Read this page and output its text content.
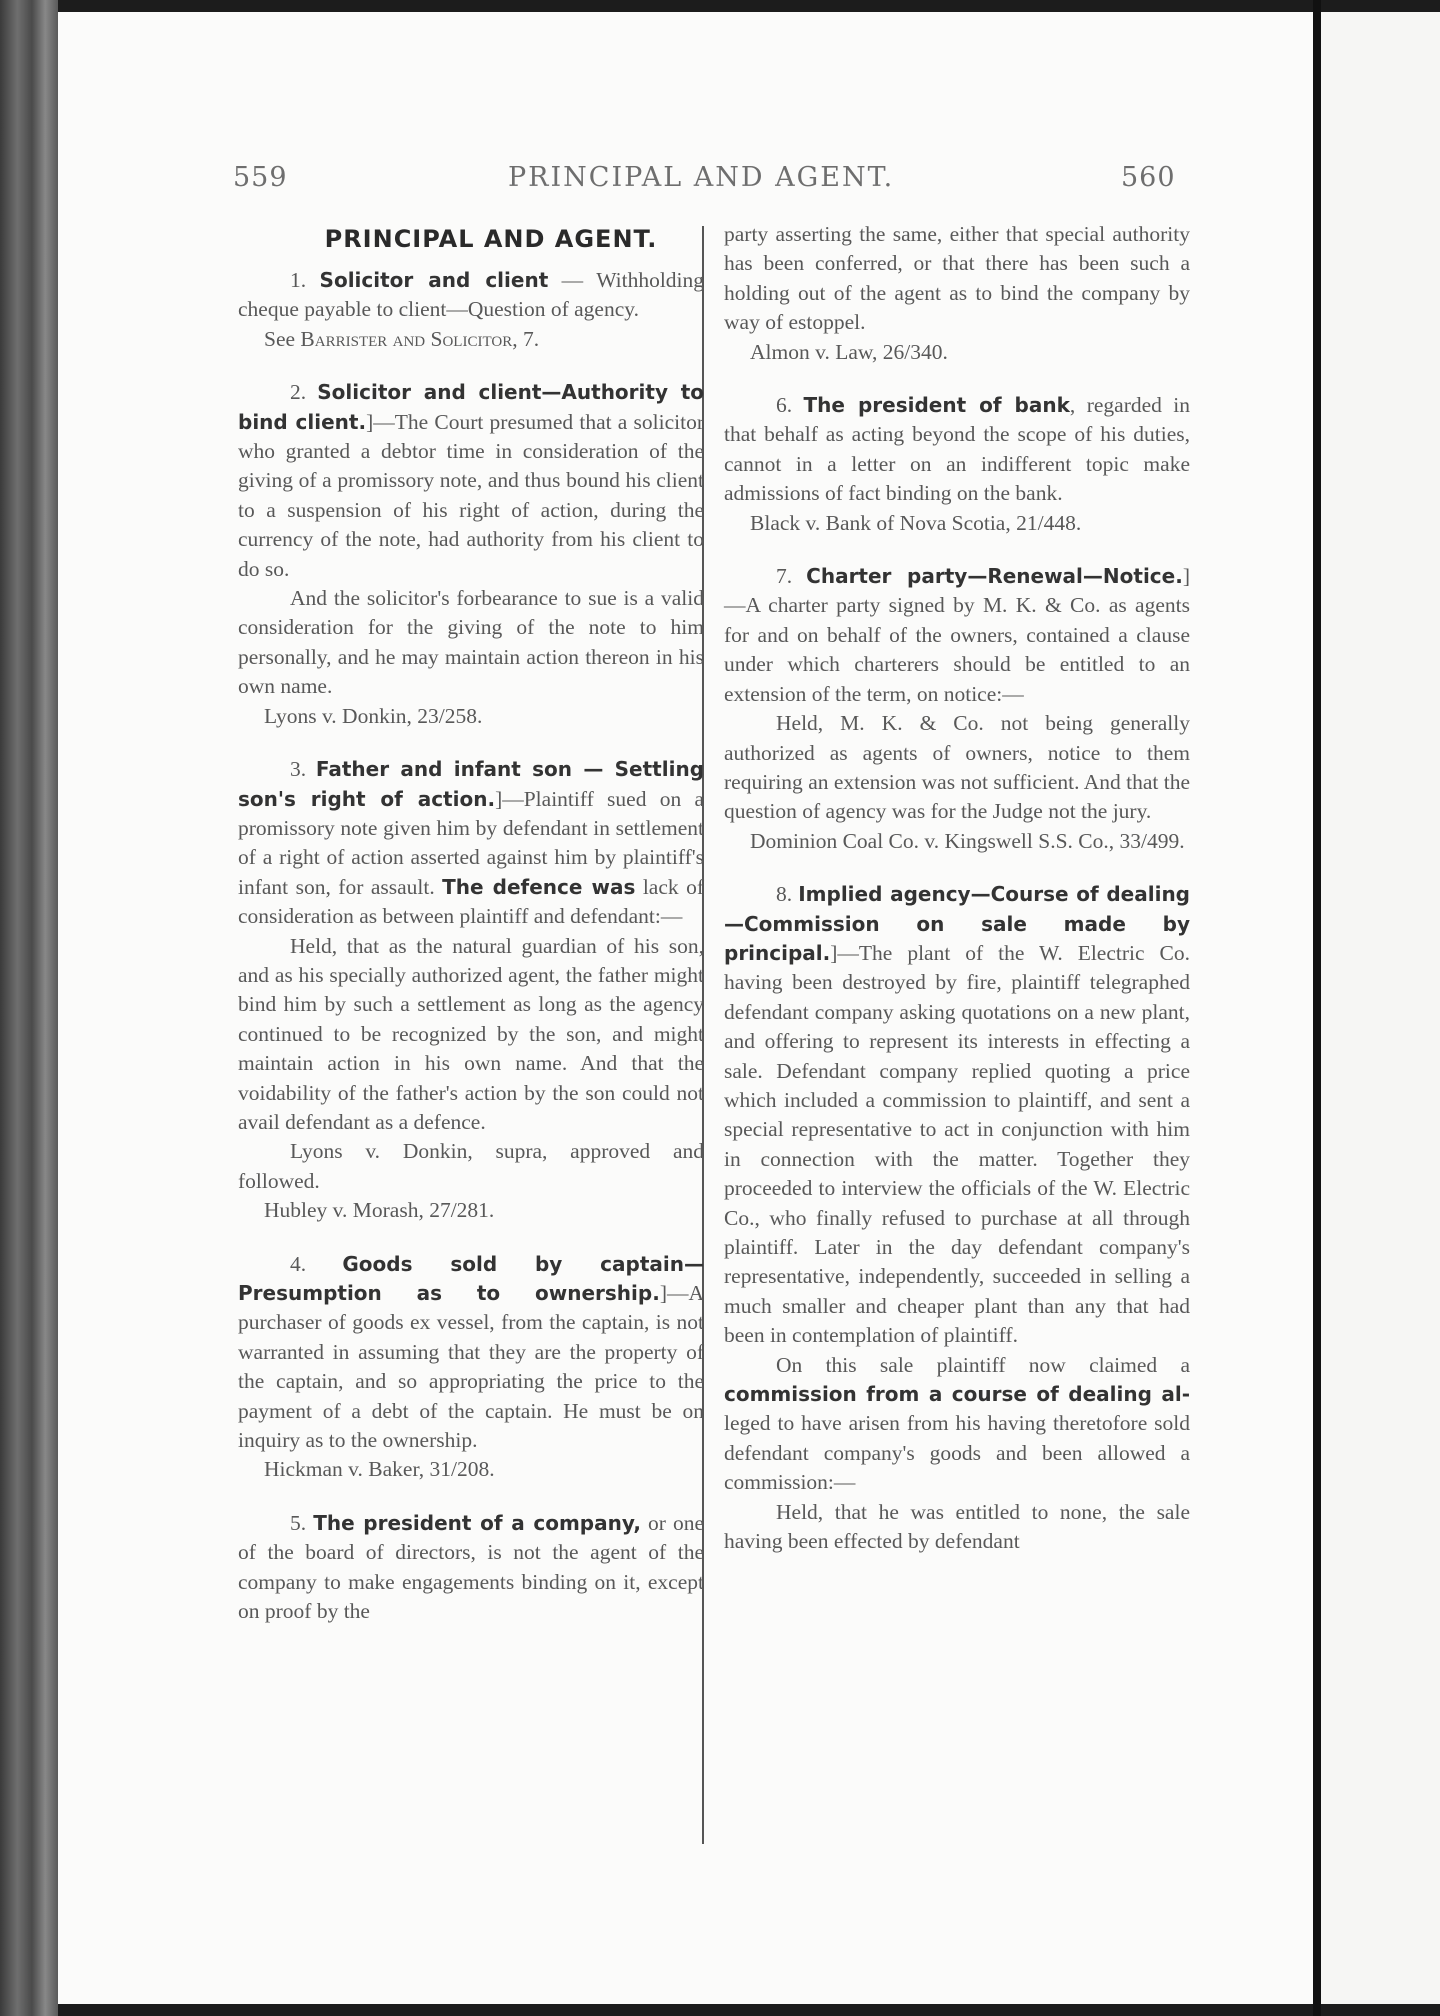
559	PRINCIPAL AND AGENT.	560
PRINCIPAL AND AGENT.

1. Solicitor and client — Withholding cheque payable to client—Question of agency.

See Barrister and Solicitor, 7.

2. Solicitor and client—Authority to bind client.]—The Court presumed that a solicitor who granted a debtor time in consideration of the giving of a promissory note, and thus bound his client to a suspension of his right of action, during the currency of the note, had authority from his client to do so.

And the solicitor's forbearance to sue is a valid consideration for the giving of the note to him personally, and he may maintain action thereon in his own name.

Lyons v. Donkin, 23/258.

3. Father and infant son — Settling son's right of action.]—Plaintiff sued on a promissory note given him by defendant in settlement of a right of action asserted against him by plaintiff's infant son, for assault. The defence was lack of consideration as between plaintiff and defendant:—

Held, that as the natural guardian of his son, and as his specially authorized agent, the father might bind him by such a settlement as long as the agency continued to be recognized by the son, and might maintain action in his own name. And that the voidability of the father's action by the son could not avail defendant as a defence.

Lyons v. Donkin, supra, approved and followed.

Hubley v. Morash, 27/281.

4. Goods sold by captain—Presumption as to ownership.]—A purchaser of goods ex vessel, from the captain, is not warranted in assuming that they are the property of the captain, and so appropriating the price to the payment of a debt of the captain. He must be on inquiry as to the ownership.

Hickman v. Baker, 31/208.

5. The president of a company, or one of the board of directors, is not the agent of the company to make engagements binding on it, except on proof by the

party asserting the same, either that special authority has been conferred, or that there has been such a holding out of the agent as to bind the company by way of estoppel.

Almon v. Law, 26/340.

6. The president of bank, regarded in that behalf as acting beyond the scope of his duties, cannot in a letter on an indifferent topic make admissions of fact binding on the bank.

Black v. Bank of Nova Scotia, 21/448.

7. Charter party—Renewal—Notice.]—A charter party signed by M. K. & Co. as agents for and on behalf of the owners, contained a clause under which charterers should be entitled to an extension of the term, on notice:—

Held, M. K. & Co. not being generally authorized as agents of owners, notice to them requiring an extension was not sufficient. And that the question of agency was for the Judge not the jury.

Dominion Coal Co. v. Kingswell S.S. Co., 33/499.

8. Implied agency—Course of dealing—Commission on sale made by principal.]—The plant of the W. Electric Co. having been destroyed by fire, plaintiff telegraphed defendant company asking quotations on a new plant, and offering to represent its interests in effecting a sale. Defendant company replied quoting a price which included a commission to plaintiff, and sent a special representative to act in conjunction with him in connection with the matter. Together they proceeded to interview the officials of the W. Electric Co., who finally refused to purchase at all through plaintiff. Later in the day defendant company's representative, independently, succeeded in selling a much smaller and cheaper plant than any that had been in contemplation of plaintiff.

On this sale plaintiff now claimed a commission from a course of dealing al-leged to have arisen from his having theretofore sold defendant company's goods and been allowed a commission:—

Held, that he was entitled to none, the sale having been effected by defendant
